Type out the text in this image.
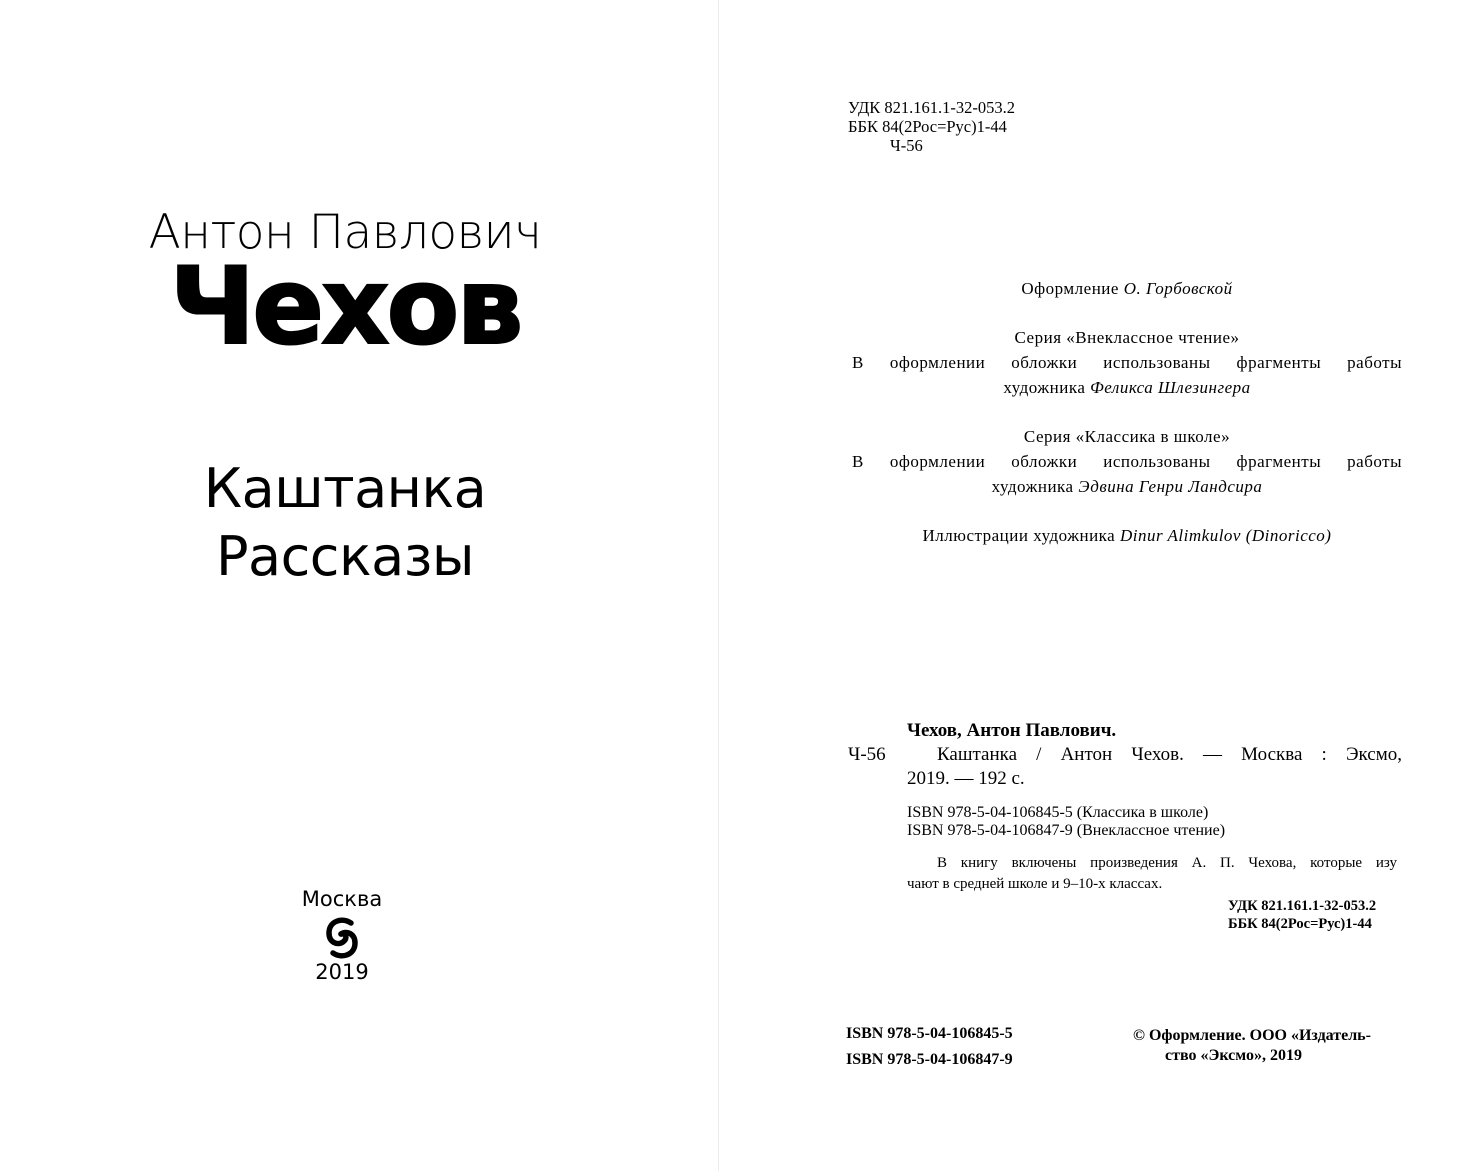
Антон Павлович
Чехов
Каштанка
Рассказы
Москва
2019
УДК 821.161.1-32-053.2
ББК 84(2Рос=Рус)1-44
Ч-56
Оформление О. Горбовской
Серия «Внеклассное чтение»
В оформлении обложки использованы фрагменты работы
художника Феликса Шлезингера
Серия «Классика в школе»
В оформлении обложки использованы фрагменты работы
художника Эдвина Генри Ландсира
Иллюстрации художника Dinur Alimkulov (Dinoricco)
Чехов, Антон Павлович.
Ч-56	Каштанка / Антон Чехов. — Москва : Эксмо,
2019. — 192 с.
ISBN 978-5-04-106845-5 (Классика в школе)
ISBN 978-5-04-106847-9 (Внеклассное чтение)
В книгу включены произведения А. П. Чехова, которые изу
чают в средней школе и 9–10-х классах.
УДК 821.161.1-32-053.2
ББК 84(2Рос=Рус)1-44
ISBN 978-5-04-106845-5
ISBN 978-5-04-106847-9
© Оформление. ООО «Издатель-
ство «Эксмо», 2019
